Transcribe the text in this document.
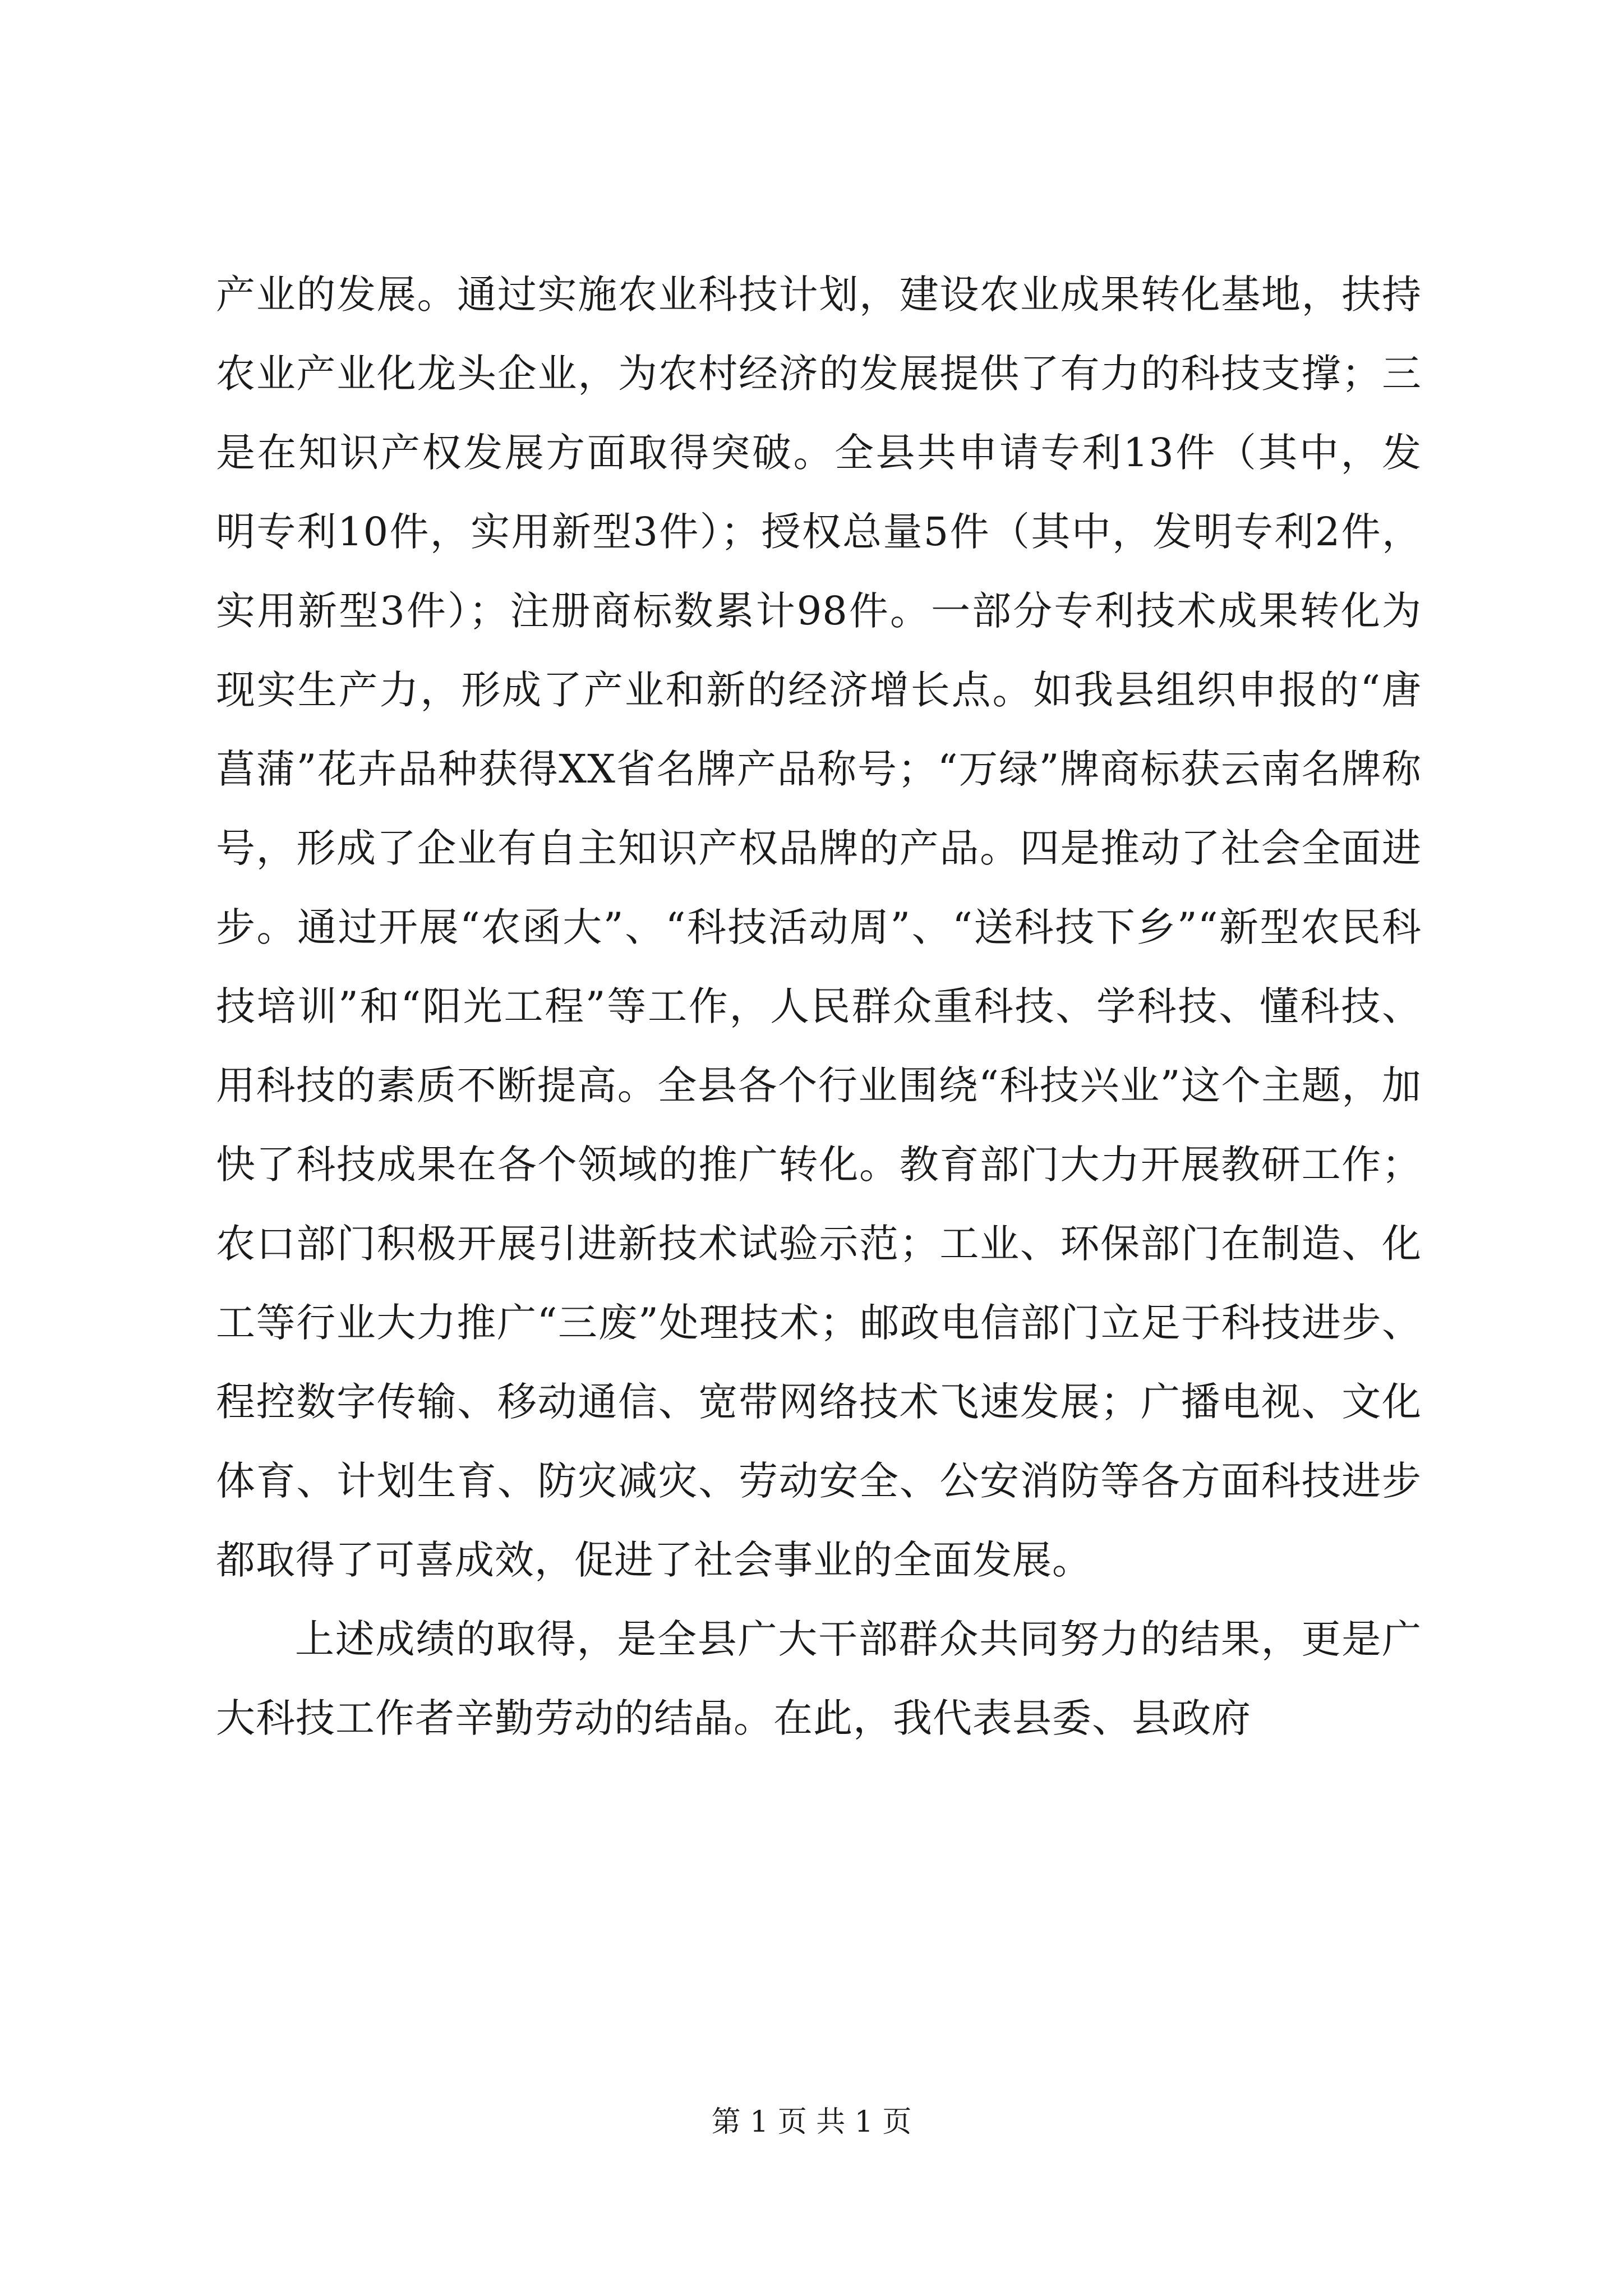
产业的发展。通过实施农业科技计划，建设农业成果转化基地，扶持农业产业化龙头企业，为农村经济的发展提供了有力的科技支撑；三是在知识产权发展方面取得突破。全县共申请专利13件（其中，发明专利10件，实用新型3件）；授权总量5件（其中，发明专利2件，实用新型3件）；注册商标数累计98件。一部分专利技术成果转化为现实生产力，形成了产业和新的经济增长点。如我县组织申报的“唐菖蒲”花卉品种获得XX省名牌产品称号；“万绿”牌商标获云南名牌称号，形成了企业有自主知识产权品牌的产品。四是推动了社会全面进步。通过开展“农函大”、“科技活动周”、“送科技下乡”“新型农民科技培训”和“阳光工程”等工作，人民群众重科技、学科技、懂科技、用科技的素质不断提高。全县各个行业围绕“科技兴业”这个主题，加快了科技成果在各个领域的推广转化。教育部门大力开展教研工作；农口部门积极开展引进新技术试验示范；工业、环保部门在制造、化工等行业大力推广“三废”处理技术；邮政电信部门立足于科技进步、程控数字传输、移动通信、宽带网络技术飞速发展；广播电视、文化体育、计划生育、防灾减灾、劳动安全、公安消防等各方面科技进步都取得了可喜成效，促进了社会事业的全面发展。

上述成绩的取得，是全县广大干部群众共同努力的结果，更是广大科技工作者辛勤劳动的结晶。在此，我代表县委、县政府

第 1 页 共 1 页
